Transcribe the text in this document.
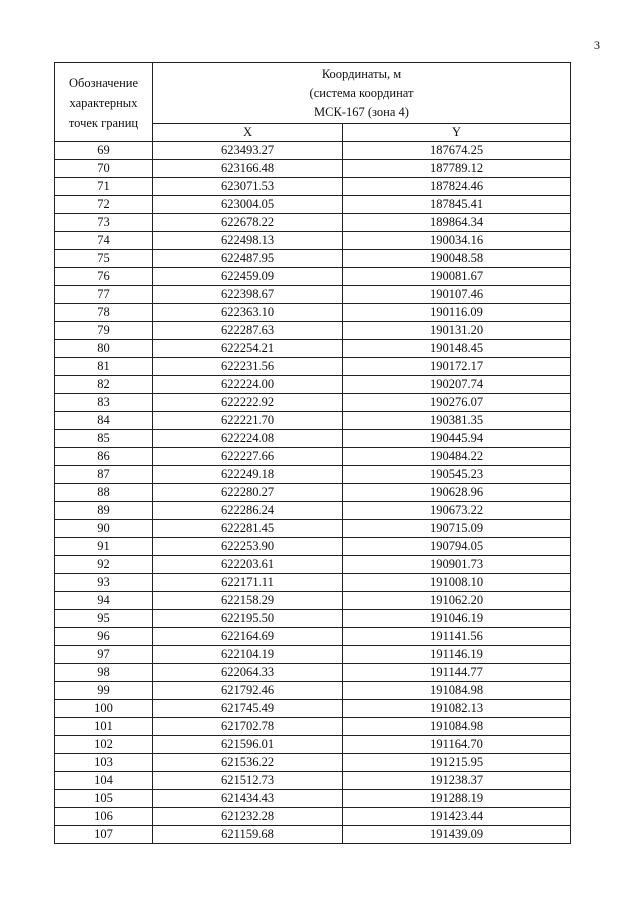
3
Обозначение
характерных
точек границ	Координаты, м
(система координат
МСК-167 (зона 4)	

	X	Y
69	623493.27	187674.25
70	623166.48	187789.12
71	623071.53	187824.46
72	623004.05	187845.41
73	622678.22	189864.34
74	622498.13	190034.16
75	622487.95	190048.58
76	622459.09	190081.67
77	622398.67	190107.46
78	622363.10	190116.09
79	622287.63	190131.20
80	622254.21	190148.45
81	622231.56	190172.17
82	622224.00	190207.74
83	622222.92	190276.07
84	622221.70	190381.35
85	622224.08	190445.94
86	622227.66	190484.22
87	622249.18	190545.23
88	622280.27	190628.96
89	622286.24	190673.22
90	622281.45	190715.09
91	622253.90	190794.05
92	622203.61	190901.73
93	622171.11	191008.10
94	622158.29	191062.20
95	622195.50	191046.19
96	622164.69	191141.56
97	622104.19	191146.19
98	622064.33	191144.77
99	621792.46	191084.98
100	621745.49	191082.13
101	621702.78	191084.98
102	621596.01	191164.70
103	621536.22	191215.95
104	621512.73	191238.37
105	621434.43	191288.19
106	621232.28	191423.44
107	621159.68	191439.09
